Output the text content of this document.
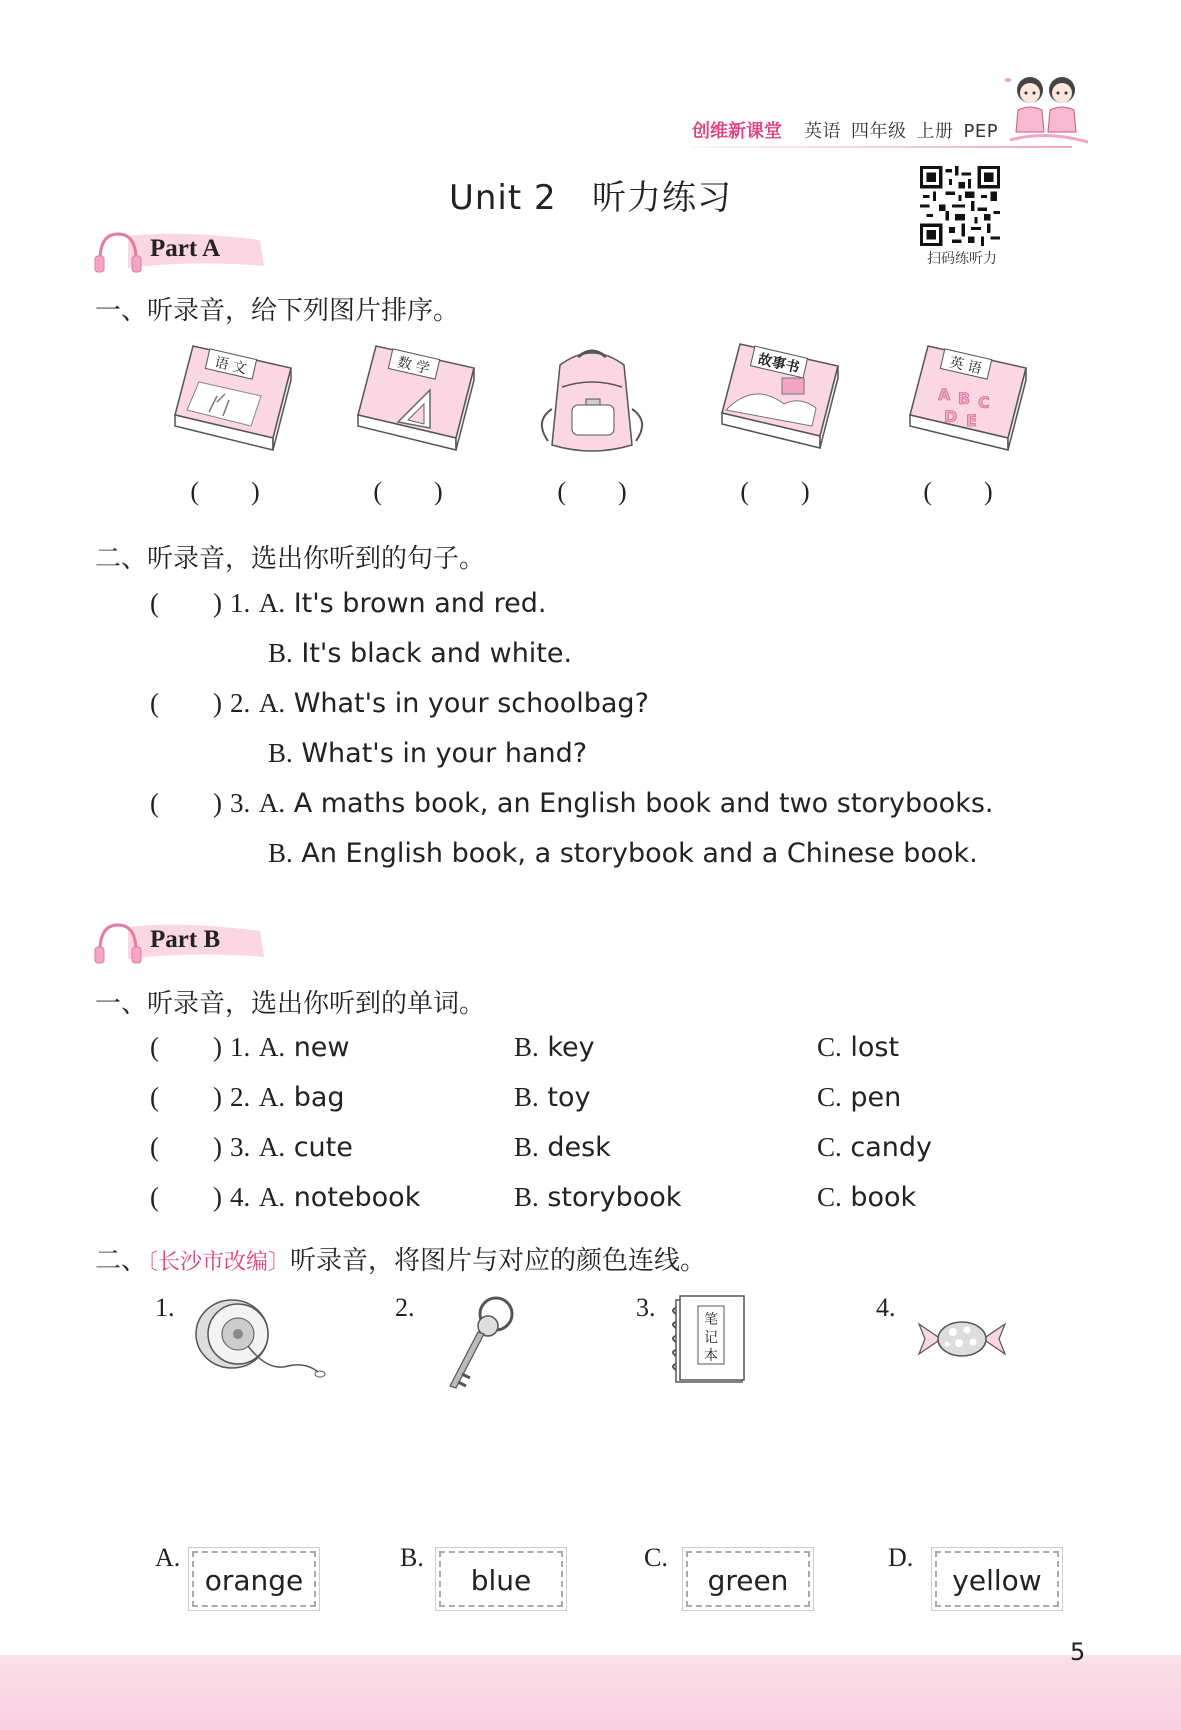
创维新课堂 英语 四年级 上册 PEP
Unit 2   听力练习
扫码练听力
Part A
一、听录音，给下列图片排序。
语 文	数 学	故事书	英 语
A B C
D E
(        )	(        )	(        )	(        )	(        )
二、听录音，选出你听到的句子。
(        ) 1. A. It's brown and red.
B. It's black and white.
(        ) 2. A. What's in your schoolbag?
B. What's in your hand?
(        ) 3. A. A maths book, an English book and two storybooks.
B. An English book, a storybook and a Chinese book.
Part B
一、听录音，选出你听到的单词。
(        ) 1. A. new	B. key	C. lost
(        ) 2. A. bag	B. toy	C. pen
(        ) 3. A. cute	B. desk	C. candy
(        ) 4. A. notebook	B. storybook	C. book
二、〔长沙市改编〕听录音，将图片与对应的颜色连线。
1.	2.	3.	笔
记
本
4.
A.
orange
B.
blue
C.
green
D.
yellow
5
